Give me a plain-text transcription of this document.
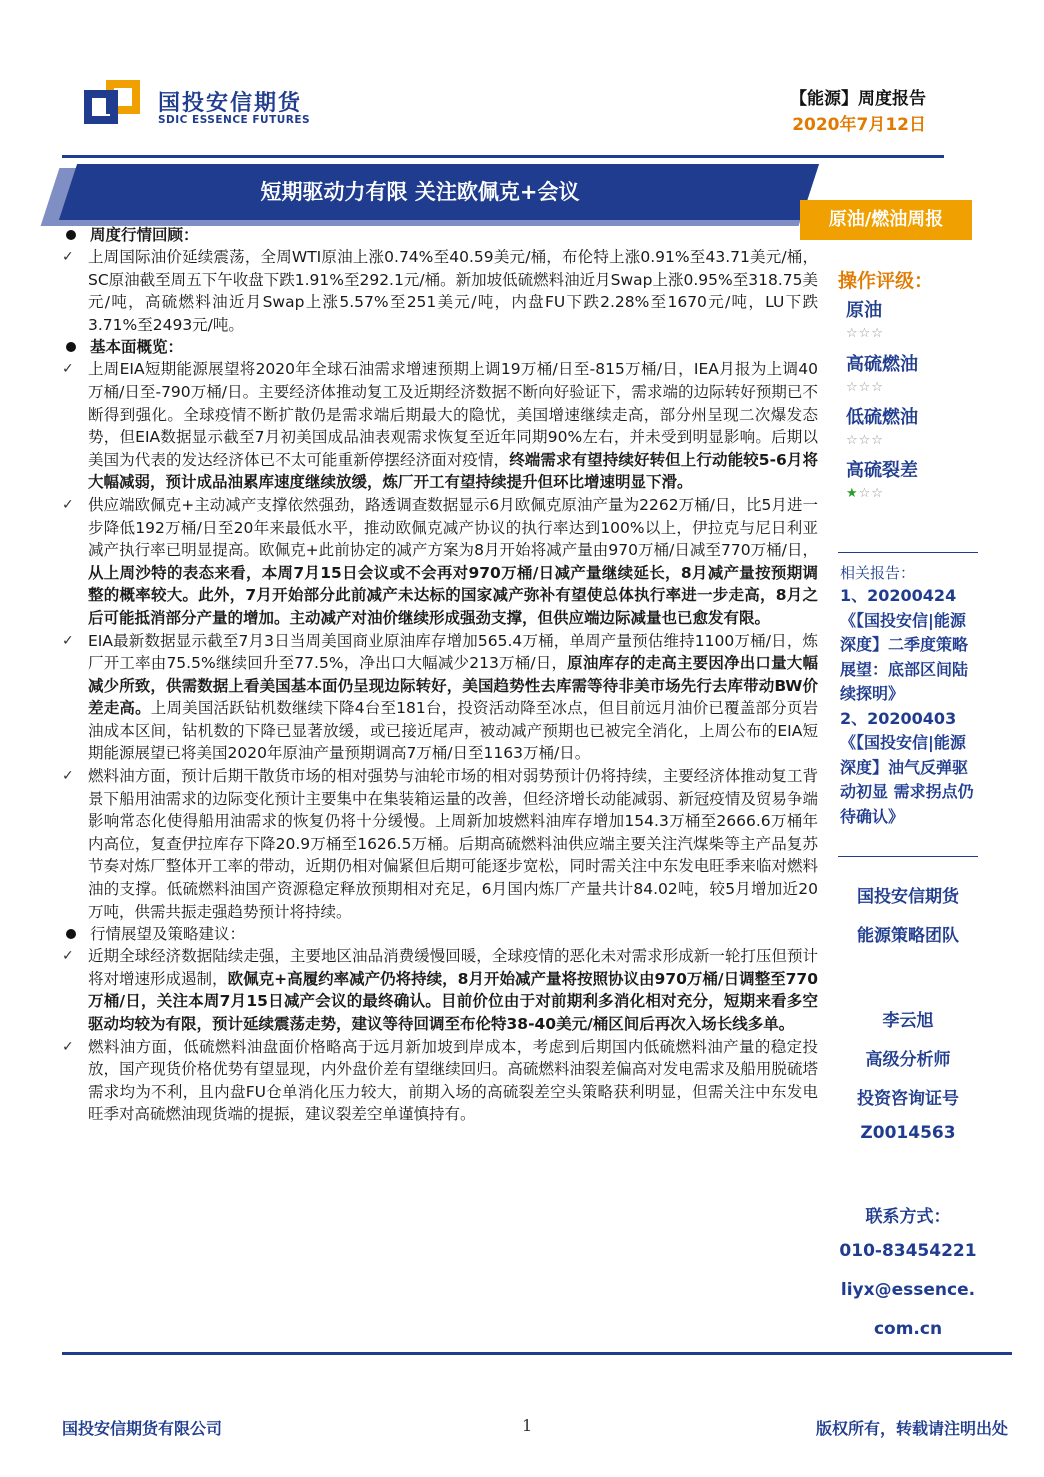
国投安信期货
SDIC ESSENCE FUTURES
【能源】周度报告
2020年7月12日
短期驱动力有限 关注欧佩克+会议
原油/燃油周报
周度行情回顾：
✓ 上周国际油价延续震荡，全周WTI原油上涨0.74%至40.59美元/桶，布伦特上涨0.91%至43.71美元/桶，SC原油截至周五下午收盘下跌1.91%至292.1元/桶。新加坡低硫燃料油近月Swap上涨0.95%至318.75美元/吨，高硫燃料油近月Swap上涨5.57%至251美元/吨，内盘FU下跌2.28%至1670元/吨，LU下跌3.71%至2493元/吨。
基本面概览：
✓ 上周EIA短期能源展望将2020年全球石油需求增速预期上调19万桶/日至-815万桶/日，IEA月报为上调40万桶/日至-790万桶/日。主要经济体推动复工及近期经济数据不断向好验证下，需求端的边际转好预期已不断得到强化。全球疫情不断扩散仍是需求端后期最大的隐忧，美国增速继续走高，部分州呈现二次爆发态势，但EIA数据显示截至7月初美国成品油表观需求恢复至近年同期90%左右，并未受到明显影响。后期以美国为代表的发达经济体已不太可能重新停摆经济面对疫情，终端需求有望持续好转但上行动能较5-6月将大幅减弱，预计成品油累库速度继续放缓，炼厂开工有望持续提升但环比增速明显下滑。
✓ 供应端欧佩克+主动减产支撑依然强劲，路透调查数据显示6月欧佩克原油产量为2262万桶/日，比5月进一步降低192万桶/日至20年来最低水平，推动欧佩克减产协议的执行率达到100%以上，伊拉克与尼日利亚减产执行率已明显提高。欧佩克+此前协定的减产方案为8月开始将减产量由970万桶/日减至770万桶/日，从上周沙特的表态来看，本周7月15日会议或不会再对970万桶/日减产量继续延长，8月减产量按预期调整的概率较大。此外，7月开始部分此前减产未达标的国家减产弥补有望使总体执行率进一步走高，8月之后可能抵消部分产量的增加。主动减产对油价继续形成强劲支撑，但供应端边际减量也已愈发有限。
✓ EIA最新数据显示截至7月3日当周美国商业原油库存增加565.4万桶，单周产量预估维持1100万桶/日，炼厂开工率由75.5%继续回升至77.5%，净出口大幅减少213万桶/日，原油库存的走高主要因净出口量大幅减少所致，供需数据上看美国基本面仍呈现边际转好，美国趋势性去库需等待非美市场先行去库带动BW价差走高。上周美国活跃钻机数继续下降4台至181台，投资活动降至冰点，但目前远月油价已覆盖部分页岩油成本区间，钻机数的下降已显著放缓，或已接近尾声，被动减产预期也已被完全消化，上周公布的EIA短期能源展望已将美国2020年原油产量预期调高7万桶/日至1163万桶/日。
✓ 燃料油方面，预计后期干散货市场的相对强势与油轮市场的相对弱势预计仍将持续，主要经济体推动复工背景下船用油需求的边际变化预计主要集中在集装箱运量的改善，但经济增长动能减弱、新冠疫情及贸易争端影响常态化使得船用油需求的恢复仍将十分缓慢。上周新加坡燃料油库存增加154.3万桶至2666.6万桶年内高位，复查伊拉库存下降20.9万桶至1626.5万桶。后期高硫燃料油供应端主要关注汽煤柴等主产品复苏节奏对炼厂整体开工率的带动，近期仍相对偏紧但后期可能逐步宽松，同时需关注中东发电旺季来临对燃料油的支撑。低硫燃料油国产资源稳定释放预期相对充足，6月国内炼厂产量共计84.02吨，较5月增加近20万吨，供需共振走强趋势预计将持续。
行情展望及策略建议：
✓ 近期全球经济数据陆续走强，主要地区油品消费缓慢回暖，全球疫情的恶化未对需求形成新一轮打压但预计将对增速形成遏制，欧佩克+高履约率减产仍将持续，8月开始减产量将按照协议由970万桶/日调整至770万桶/日，关注本周7月15日减产会议的最终确认。目前价位由于对前期利多消化相对充分，短期来看多空驱动均较为有限，预计延续震荡走势，建议等待回调至布伦特38-40美元/桶区间后再次入场长线多单。
✓ 燃料油方面，低硫燃料油盘面价格略高于远月新加坡到岸成本，考虑到后期国内低硫燃料油产量的稳定投放，国产现货价格优势有望显现，内外盘价差有望继续回归。高硫燃料油裂差偏高对发电需求及船用脱硫塔需求均为不利，且内盘FU仓单消化压力较大，前期入场的高硫裂差空头策略获利明显，但需关注中东发电旺季对高硫燃油现货端的提振，建议裂差空单谨慎持有。
操作评级：
原油
☆☆☆
高硫燃油
☆☆☆
低硫燃油
☆☆☆
高硫裂差
★☆☆
相关报告：
1、20200424《【国投安信|能源深度】二季度策略展望：底部区间陆续探明》
2、20200403《【国投安信|能源深度】油气反弹驱动初显 需求拐点仍待确认》
国投安信期货
能源策略团队
李云旭
高级分析师
投资咨询证号
Z0014563
联系方式：
010-83454221
liyx@essence.
com.cn
国投安信期货有限公司	1	版权所有，转载请注明出处
